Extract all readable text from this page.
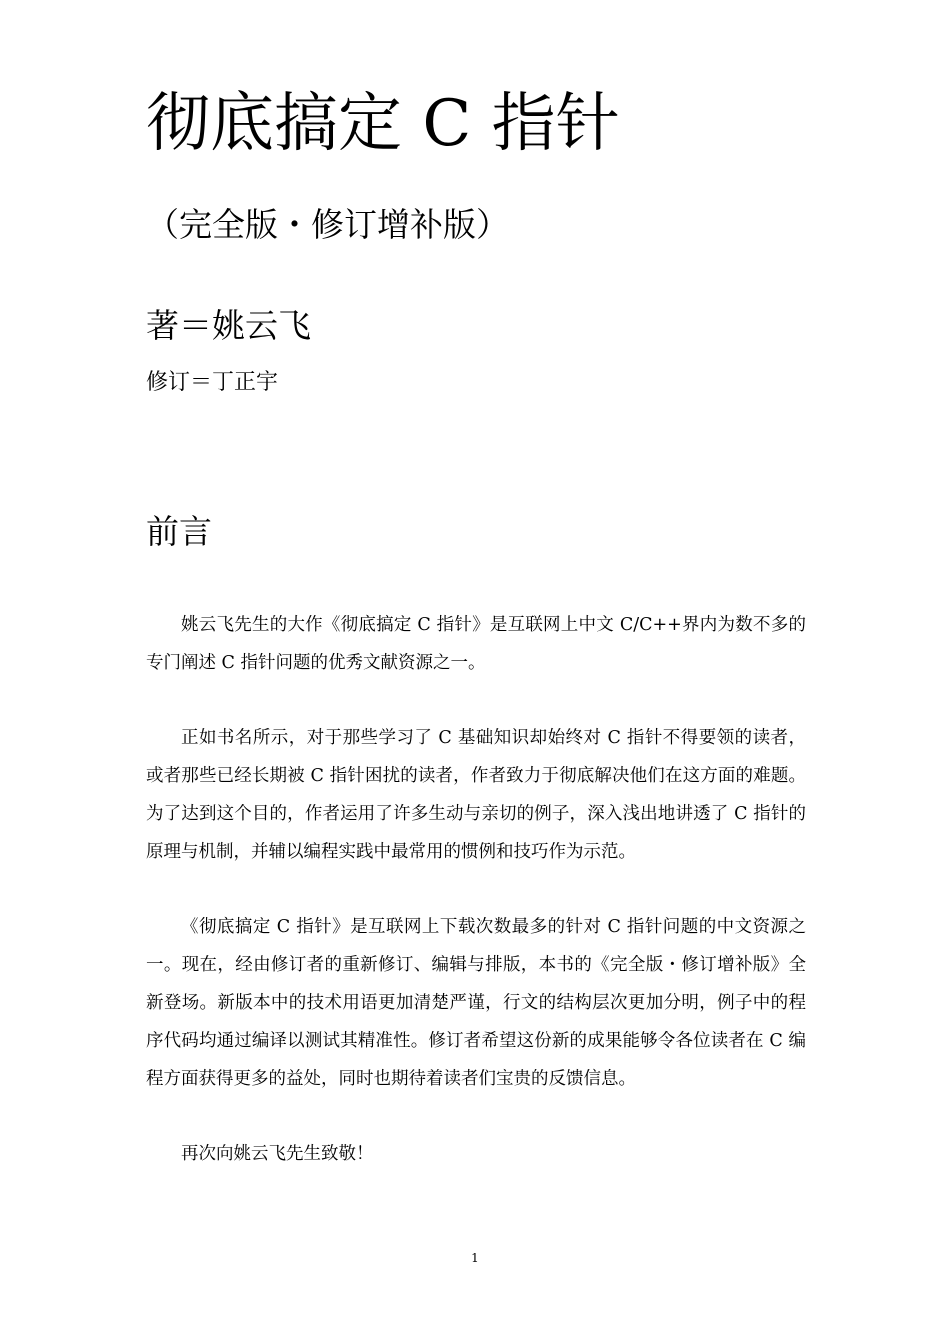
彻底搞定 C 指针
（完全版・修订增补版）
著＝姚云飞
修订＝丁正宇
前言

姚云飞先生的大作《彻底搞定 C 指针》是互联网上中文 C/C++界内为数不多的专门阐述 C 指针问题的优秀文献资源之一。

正如书名所示，对于那些学习了 C 基础知识却始终对 C 指针不得要领的读者，或者那些已经长期被 C 指针困扰的读者，作者致力于彻底解决他们在这方面的难题。为了达到这个目的，作者运用了许多生动与亲切的例子，深入浅出地讲透了 C 指针的原理与机制，并辅以编程实践中最常用的惯例和技巧作为示范。

《彻底搞定 C 指针》是互联网上下载次数最多的针对 C 指针问题的中文资源之一。现在，经由修订者的重新修订、编辑与排版，本书的《完全版・修订增补版》全新登场。新版本中的技术用语更加清楚严谨，行文的结构层次更加分明，例子中的程序代码均通过编译以测试其精准性。修订者希望这份新的成果能够令各位读者在 C 编程方面获得更多的益处，同时也期待着读者们宝贵的反馈信息。

再次向姚云飞先生致敬！

1
